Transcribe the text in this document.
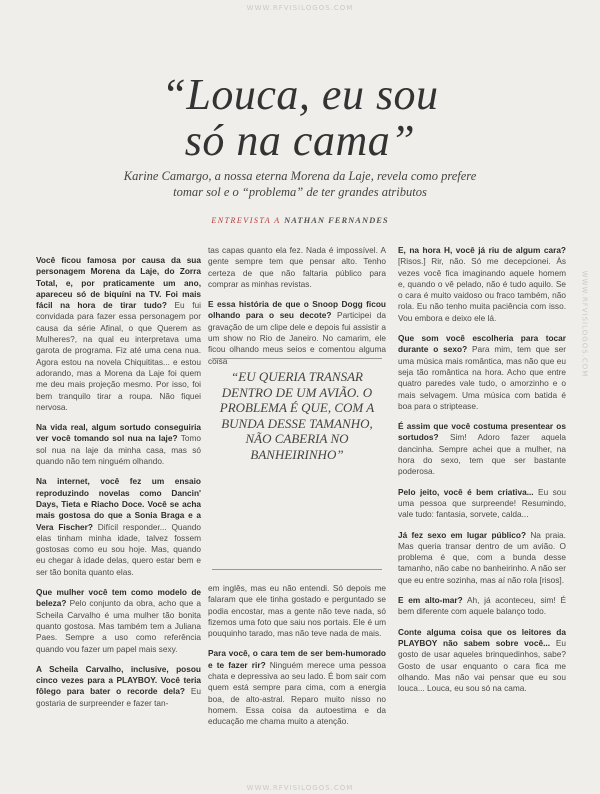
WWW.RFVISILOGOS.COM
WWW.RFVISILOGOS.COM
“Louca, eu sou
só na cama”
Karine Camargo, a nossa eterna Morena da Laje, revela como prefere tomar sol e o “problema” de ter grandes atributos
ENTREVISTA A NATHAN FERNANDES

Você ficou famosa por causa da sua personagem Morena da Laje, do Zorra Total, e, por praticamente um ano, apareceu só de biquíni na TV. Foi mais fácil na hora de tirar tudo? Eu fui convidada para fazer essa personagem por causa da série Afinal, o que Querem as Mulheres?, na qual eu interpretava uma garota de programa. Fiz até uma cena nua. Agora estou na novela Chiquititas... e estou adorando, mas a Morena da Laje foi quem me deu mais projeção mesmo. Por isso, foi bem tranquilo tirar a roupa. Não fiquei nervosa.

Na vida real, algum sortudo conseguiria ver você tomando sol nua na laje? Tomo sol nua na laje da minha casa, mas só quando não tem ninguém olhando.

Na internet, você fez um ensaio reproduzindo novelas como Dancin' Days, Tieta e Riacho Doce. Você se acha mais gostosa do que a Sonia Braga e a Vera Fischer? Difícil responder... Quando elas tinham minha idade, talvez fossem gostosas como eu sou hoje. Mas, quando eu chegar à idade delas, quero estar bem e ser tão bonita quanto elas.

Que mulher você tem como modelo de beleza? Pelo conjunto da obra, acho que a Scheila Carvalho é uma mulher tão bonita quanto gostosa. Mas também tem a Juliana Paes. Sempre a uso como referência quando vou fazer um papel mais sexy.

A Scheila Carvalho, inclusive, posou cinco vezes para a PLAYBOY. Você teria fôlego para bater o recorde dela? Eu gostaria de surpreender e fazer tan-

tas capas quanto ela fez. Nada é impossível. A gente sempre tem que pensar alto. Tenho certeza de que não faltaria público para comprar as minhas revistas.

E essa história de que o Snoop Dogg ficou olhando para o seu decote? Participei da gravação de um clipe dele e depois fui assistir a um show no Rio de Janeiro. No camarim, ele ficou olhando meus seios e comentou alguma coisa

“EU QUERIA TRANSAR DENTRO DE UM AVIÃO. O PROBLEMA É QUE, COM A BUNDA DESSE TAMANHO, NÃO CABERIA NO BANHEIRINHO”

em inglês, mas eu não entendi. Só depois me falaram que ele tinha gostado e perguntado se podia encostar, mas a gente não teve nada, só fizemos uma foto que saiu nos portais. Ele é um pouquinho tarado, mas não teve nada de mais.

Para você, o cara tem de ser bem-humorado e te fazer rir? Ninguém merece uma pessoa chata e depressiva ao seu lado. É bom sair com quem está sempre para cima, com a energia boa, de alto-astral. Reparo muito nisso no homem. Essa coisa da autoestima e da educação me chama muito a atenção.

E, na hora H, você já riu de algum cara? [Risos.] Rir, não. Só me decepcionei. Às vezes você fica imaginando aquele homem e, quando o vê pelado, não é tudo aquilo. Se o cara é muito vaidoso ou fraco também, não rola. Eu não tenho muita paciência com isso. Vou embora e deixo ele lá.

Que som você escolheria para tocar durante o sexo? Para mim, tem que ser uma música mais romântica, mas não que eu seja tão romântica na hora. Acho que entre quatro paredes vale tudo, o amorzinho e o mais selvagem. Uma música com batida é boa para o striptease.

É assim que você costuma presentear os sortudos? Sim! Adoro fazer aquela dancinha. Sempre achei que a mulher, na hora do sexo, tem que ser bastante poderosa.

Pelo jeito, você é bem criativa... Eu sou uma pessoa que surpreende! Resumindo, vale tudo: fantasia, sorvete, calda...

Já fez sexo em lugar público? Na praia. Mas queria transar dentro de um avião. O problema é que, com a bunda desse tamanho, não cabe no banheirinho. A não ser que eu entre sozinha, mas aí não rola [risos].

E em alto-mar? Ah, já aconteceu, sim! É bem diferente com aquele balanço todo.

Conte alguma coisa que os leitores da PLAYBOY não sabem sobre você... Eu gosto de usar aqueles brinquedinhos, sabe? Gosto de usar enquanto o cara fica me olhando. Mas não vai pensar que eu sou louca... Louca, eu sou só na cama.

WWW.RFVISILOGOS.COM
